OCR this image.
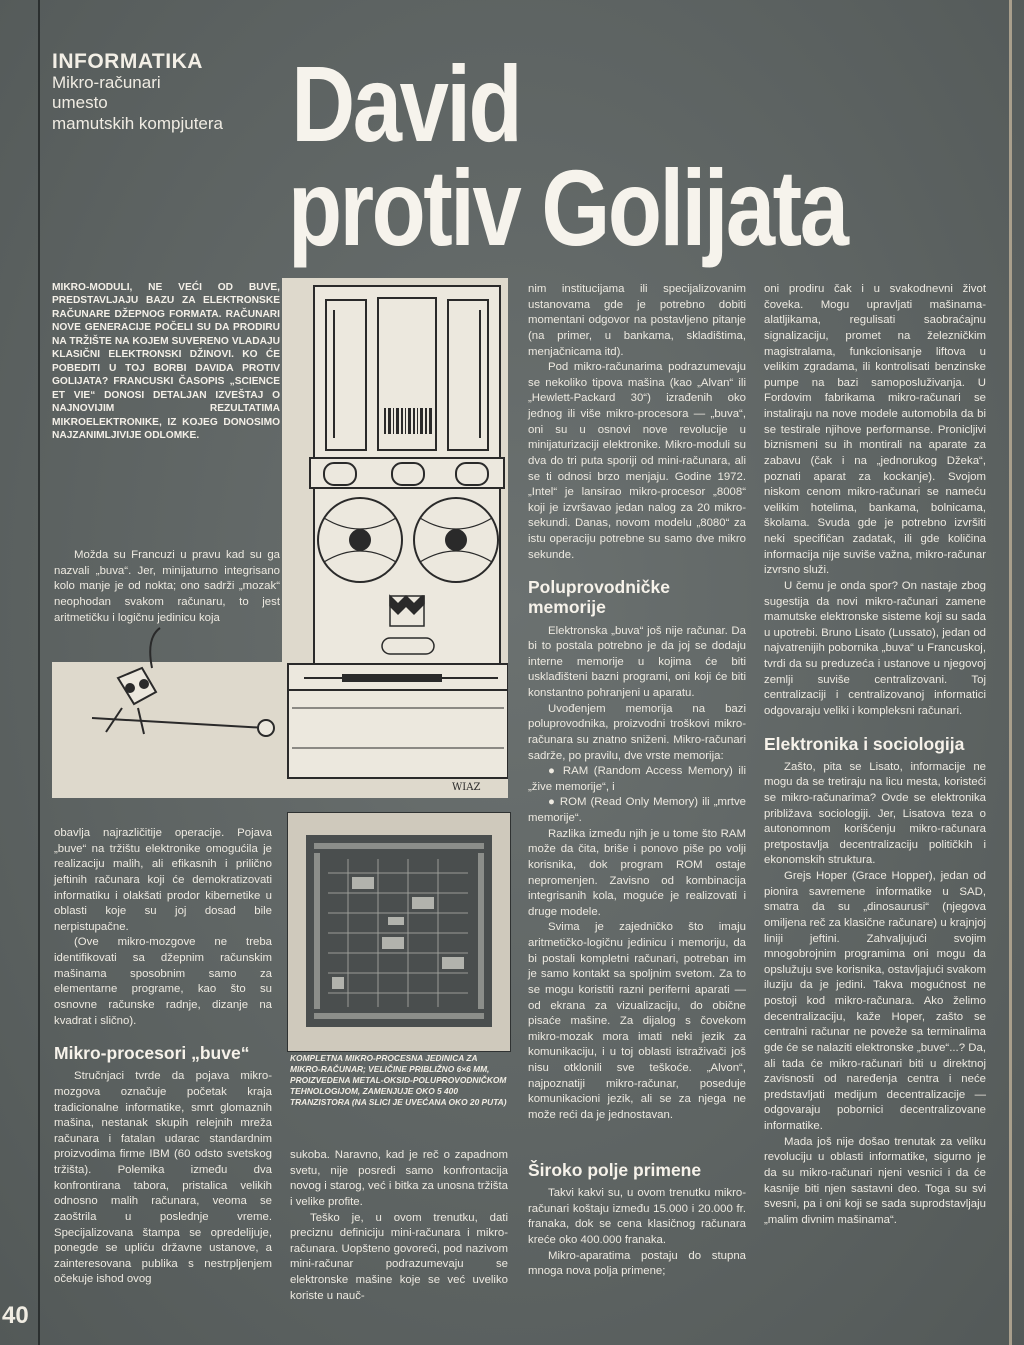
INFORMATIKA
Mikro-računari
umesto
mamutskih kompjutera David
protiv Golijata
MIKRO-MODULI, NE VEĆI OD BUVE, PREDSTAVLJAJU BAZU ZA ELEKTRONSKE RAČUNARE DŽEPNOG FORMATA. RAČUNARI NOVE GENERACIJE POČELI SU DA PRODIRU NA TRŽIŠTE NA KOJEM SUVERENO VLADAJU KLASIČNI ELEKTRONSKI DŽINOVI. KO ĆE POBEDITI U TOJ BORBI DAVIDA PROTIV GOLIJATA? FRANCUSKI ČASOPIS „SCIENCE ET VIE“ DONOSI DETALJAN IZVEŠTAJ O NAJNOVIJIM REZULTATIMA MIKROELEKTRONIKE, IZ KOJEG DONOSIMO NAJZANIMLJIVIJE ODLOMKE.
WIAZ
KOMPLETNA MIKRO-PROCESNA JEDINICA ZA MIKRO-RAČUNAR; VELIČINE PRIBLIŽNO 6×6 MM, PROIZVEDENA METAL-OKSID-POLUPROVODNIČKOM TEHNOLOGIJOM, ZAMENJUJE OKO 5 400 TRANZISTORA (NA SLICI JE UVEĆANA OKO 20 PUTA)

Možda su Francuzi u pravu kad su ga nazvali „buva“. Jer, minijaturno integrisano kolo manje je od nokta; ono sadrži „mozak“ neophodan svakom računaru, to jest aritmetičku i logičnu jedinicu koja

obavlja najrazličitije operacije. Pojava „buve“ na tržištu elektronike omogućila je realizaciju malih, ali efikasnih i prilično jeftinih računara koji će demokratizovati informatiku i olakšati prodor kibernetike u oblasti koje su joj dosad bile nerpistupačne.

(Ove mikro-mozgove ne treba identifikovati sa džepnim računskim mašinama sposobnim samo za elementarne programe, kao što su osnovne računske radnje, dizanje na kvadrat i slično).

Mikro-procesori „buve“

Stručnjaci tvrde da pojava mikro-mozgova označuje početak kraja tradicionalne informatike, smrt glomaznih mašina, nestanak skupih relejnih mreža računara i fatalan udarac standardnim proizvodima firme IBM (60 odsto svetskog tržišta). Polemika između dva konfrontirana tabora, pristalica velikih odnosno malih računara, veoma se zaoštrila u poslednje vreme. Specijalizovana štampa se opredelijuje, ponegde se upliću državne ustanove, a zainteresovana publika s nestrpljenjem očekuje ishod ovog

nim institucijama ili specijalizovanim ustanovama gde je potrebno dobiti momentani odgovor na postavljeno pitanje (na primer, u bankama, skladištima, menjačnicama itd).

Pod mikro-računarima podrazumevaju se nekoliko tipova mašina (kao „Alvan“ ili „Hewlett-Packard 30“) izrađenih oko jednog ili više mikro-procesora — „buva“, oni su u osnovi nove revolucije u minijaturizaciji elektronike. Mikro-moduli su dva do tri puta sporiji od mini-računara, ali se ti odnosi brzo menjaju. Godine 1972. „Intel“ je lansirao mikro-procesor „8008“ koji je izvršavao jedan nalog za 20 mikro-sekundi. Danas, novom modelu „8080“ za istu operaciju potrebne su samo dve mikro sekunde.

Poluprovodničke memorije

Elektronska „buva“ još nije računar. Da bi to postala potrebno je da joj se dodaju interne memorije u kojima će biti usklađišteni bazni programi, oni koji će biti konstantno pohranjeni u aparatu.

Uvođenjem memorija na bazi poluprovodnika, proizvodni troškovi mikro-računara su znatno sniženi. Mikro-računari sadrže, po pravilu, dve vrste memorija:

● RAM (Random Access Memory) ili „žive memorije“, i

● ROM (Read Only Memory) ili „mrtve memorije“.

Razlika između njih je u tome što RAM može da čita, briše i ponovo piše po volji korisnika, dok program ROM ostaje nepromenjen. Zavisno od kombinacija integrisanih kola, moguće je realizovati i druge modele.

Svima je zajedničko što imaju aritmetičko-logičnu jedinicu i memoriju, da bi postali kompletni računari, potreban im je samo kontakt sa spoljnim svetom. Za to se mogu koristiti razni periferni aparati — od ekrana za vizualizaciju, do obične pisaće mašine. Za dijalog s čovekom mikro-mozak mora imati neki jezik za komunikaciju, i u toj oblasti istraživači još nisu otklonili sve teškoće. „Alvon“, najpoznatiji mikro-računar, poseduje komunikacioni jezik, ali se za njega ne može reći da je jednostavan.

sukoba. Naravno, kad je reč o zapadnom svetu, nije posredi samo konfrontacija novog i starog, već i bitka za unosna tržišta i velike profite.

Teško je, u ovom trenutku, dati preciznu definiciju mini-računara i mikro-računara. Uopšteno govoreći, pod nazivom mini-računar podrazumevaju se elektronske mašine koje se već uveliko koriste u nauč-

Široko polje primene

Takvi kakvi su, u ovom trenutku mikro-računari koštaju između 15.000 i 20.000 fr. franaka, dok se cena klasičnog računara kreće oko 400.000 franaka.

Mikro-aparatima postaju do stupna mnoga nova polja primene;

oni prodiru čak i u svakodnevni život čoveka. Mogu upravljati mašinama-alatljikama, regulisati saobraćajnu signalizaciju, promet na železničkim magistralama, funkcionisanje liftova u velikim zgradama, ili kontrolisati benzinske pumpe na bazi samoposluživanja. U Fordovim fabrikama mikro-računari se instaliraju na nove modele automobila da bi se testirale njihove performanse. Pronicljivi biznismeni su ih montirali na aparate za zabavu (čak i na „jednorukog Džeka“, poznati aparat za kockanje). Svojom niskom cenom mikro-računari se nameću velikim hotelima, bankama, bolnicama, školama. Svuda gde je potrebno izvršiti neki specifičan zadatak, ili gde količina informacija nije suviše važna, mikro-računar izvrsno služi.

U čemu je onda spor? On nastaje zbog sugestija da novi mikro-računari zamene mamutske elektronske sisteme koji su sada u upotrebi. Bruno Lisato (Lussato), jedan od najvatrenijih pobornika „buva“ u Francuskoj, tvrdi da su preduzeća i ustanove u njegovoj zemlji suviše centralizovani. Toj centralizaciji i centralizovanoj informatici odgovaraju veliki i kompleksni računari.

Elektronika i sociologija

Zašto, pita se Lisato, informacije ne mogu da se tretiraju na licu mesta, koristeći se mikro-računarima? Ovde se elektronika približava sociologiji. Jer, Lisatova teza o autonomnom korišćenju mikro-računara pretpostavlja decentralizaciju političkih i ekonomskih struktura.

Grejs Hoper (Grace Hopper), jedan od pionira savremene informatike u SAD, smatra da su „dinosaurusi“ (njegova omiljena reč za klasične računare) u krajnjoj liniji jeftini. Zahvaljujući svojim mnogobrojnim programima oni mogu da opslužuju sve korisnika, ostavljajući svakom iluziju da je jedini. Takva mogućnost ne postoji kod mikro-računara. Ako želimo decentralizaciju, kaže Hoper, zašto se centralni računar ne poveže sa terminalima gde će se nalaziti elektronske „buve“...? Da, ali tada će mikro-računari biti u direktnoj zavisnosti od naređenja centra i neće predstavljati medijum decentralizacije — odgovaraju pobornici decentralizovane informatike.

Mada još nije došao trenutak za veliku revoluciju u oblasti informatike, sigurno je da su mikro-računari njeni vesnici i da će kasnije biti njen sastavni deo. Toga su svi svesni, pa i oni koji se sada suprodstavljaju „malim divnim mašinama“.

40
